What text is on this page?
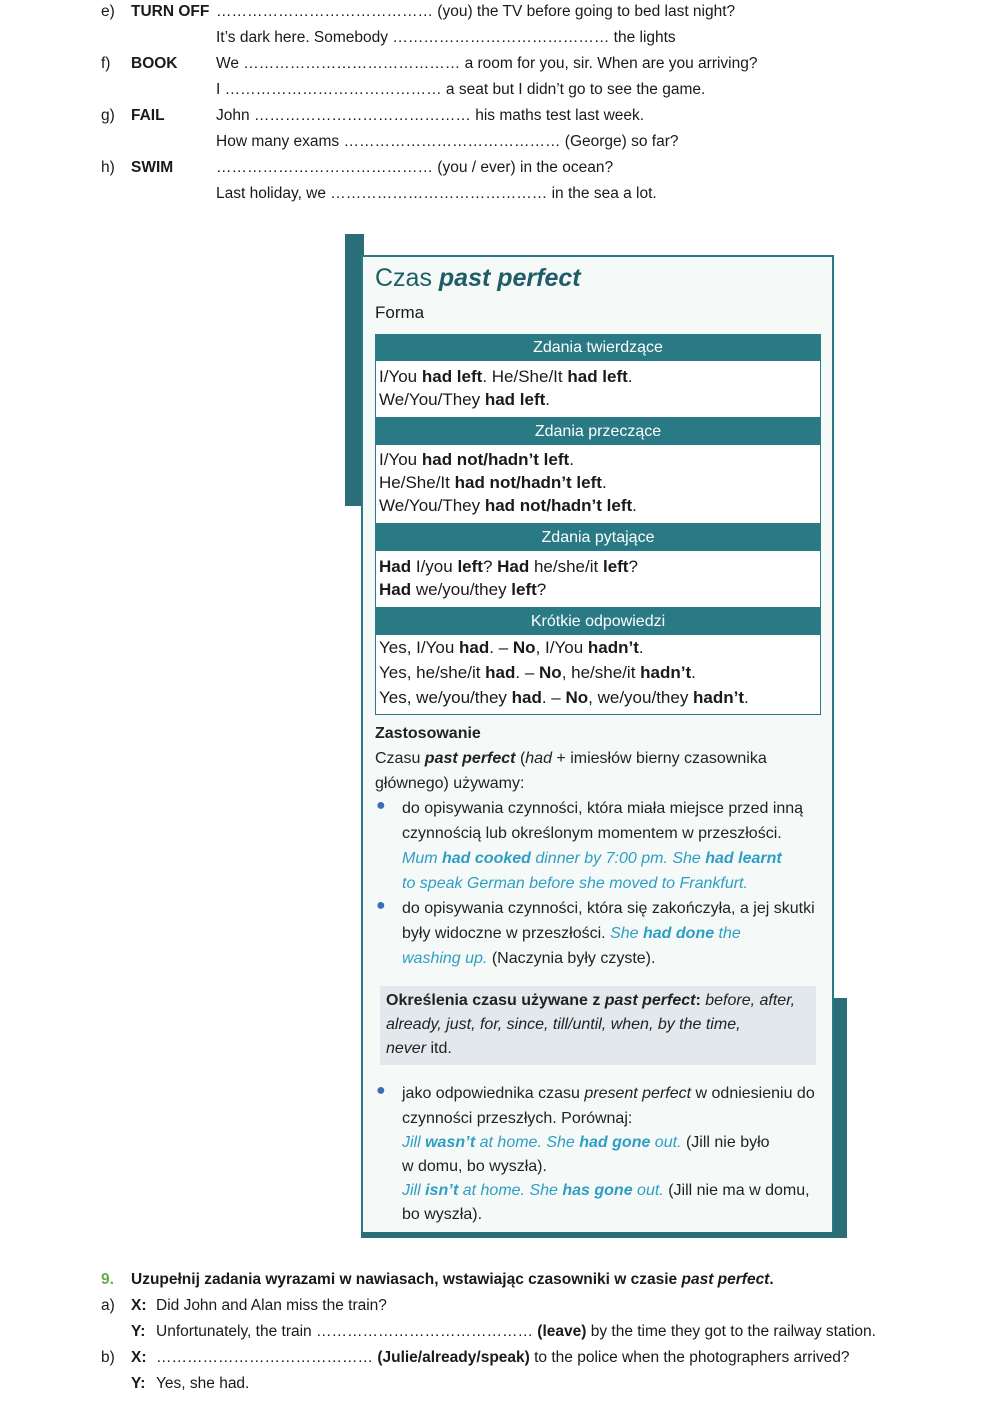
e) TURN OFF …………………………………… (you) the TV before going to bed last night?
It’s dark here. Somebody …………………………………… the lights
f) BOOK We …………………………………… a room for you, sir. When are you arriving?
I …………………………………… a seat but I didn’t go to see the game.
g) FAIL	John …………………………………… his maths test last week.
How many exams …………………………………… (George) so far?
h) SWIM	…………………………………… (you / ever) in the ocean?
Last holiday, we …………………………………… in the sea a lot.
Czas past perfect
Forma
Zdania twierdzące
I/You had left. He/She/It had left.
We/You/They had left.
Zdania przeczące
I/You had not/hadn’t left.
He/She/It had not/hadn’t left.
We/You/They had not/hadn’t left.
Zdania pytające
Had I/you left? Had he/she/it left?
Had we/you/they left?
Krótkie odpowiedzi
Yes, I/You had. – No, I/You hadn’t.
Yes, he/she/it had. – No, he/she/it hadn’t.
Yes, we/you/they had. – No, we/you/they hadn’t.
Zastosowanie
Czasu past perfect (had + imiesłów bierny czasownika
głównego) używamy:
● do opisywania czynności, która miała miejsce przed inną
czynnością lub określonym momentem w przeszłości.
Mum had cooked dinner by 7:00 pm. She had learnt
to speak German before she moved to Frankfurt.
● do opisywania czynności, która się zakończyła, a jej skutki
były widoczne w przeszłości. She had done the
washing up. (Naczynia były czyste).
Określenia czasu używane z past perfect: before, after,
already, just, for, since, till/until, when, by the time,
never itd.
● jako odpowiednika czasu present perfect w odniesieniu do
czynności przeszłych. Porównaj:
Jill wasn’t at home. She had gone out. (Jill nie było
w domu, bo wyszła).
Jill isn’t at home. She has gone out. (Jill nie ma w domu,
bo wyszła).
9. Uzupełnij zadania wyrazami w nawiasach, wstawiając czasowniki w czasie past perfect.
a) X: Did John and Alan miss the train?
Y: Unfortunately, the train …………………………………… (leave) by the time they got to the railway station.
b) X: …………………………………… (Julie/already/speak) to the police when the photographers arrived?
Y: Yes, she had.
